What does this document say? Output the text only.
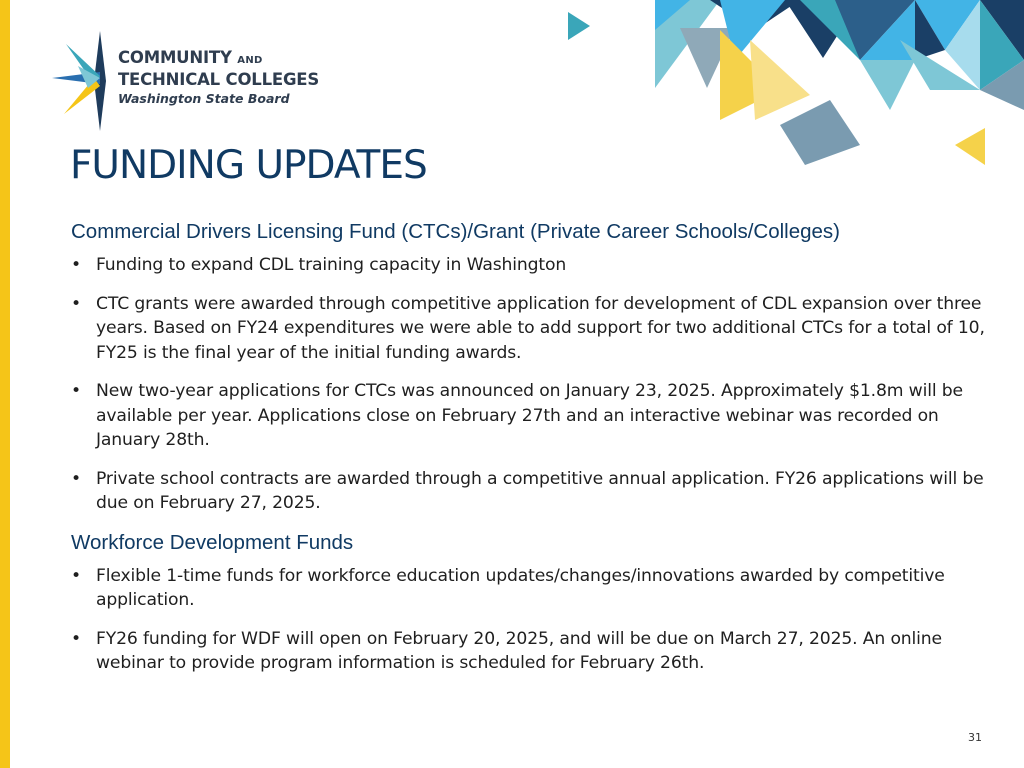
COMMUNITY AND
TECHNICAL COLLEGES
Washington State Board
FUNDING UPDATES
Commercial Drivers Licensing Fund (CTCs)/Grant (Private Career Schools/Colleges)
• Funding to expand CDL training capacity in Washington
• CTC grants were awarded through competitive application for development of CDL expansion over three years. Based on FY24 expenditures we were able to add support for two additional CTCs for a total of 10, FY25 is the final year of the initial funding awards.
• New two-year applications for CTCs was announced on January 23, 2025. Approximately $1.8m will be available per year. Applications close on February 27th and an interactive webinar was recorded on January 28th.
• Private school contracts are awarded through a competitive annual application. FY26 applications will be due on February 27, 2025.
Workforce Development Funds
• Flexible 1-time funds for workforce education updates/changes/innovations awarded by competitive application.
• FY26 funding for WDF will open on February 20, 2025, and will be due on March 27, 2025. An online webinar to provide program information is scheduled for February 26th.
31
